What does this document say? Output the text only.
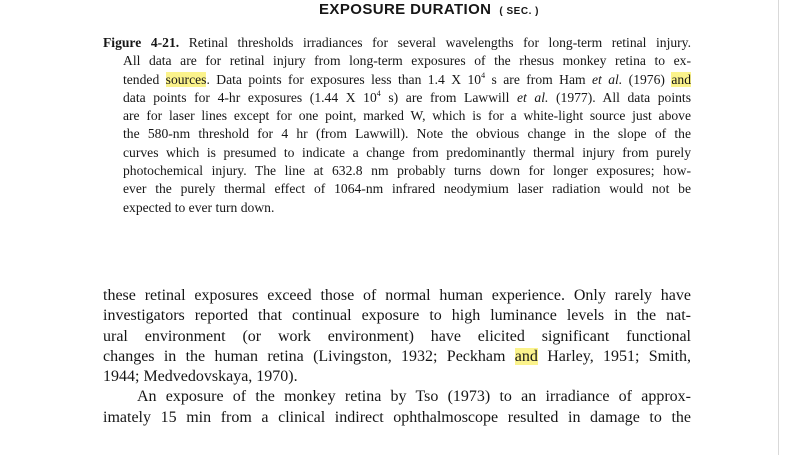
EXPOSURE DURATION ( SEC. )
Figure 4-21. Retinal thresholds irradiances for several wavelengths for long-term retinal injury.
All data are for retinal injury from long-term exposures of the rhesus monkey retina to ex-
tended sources. Data points for exposures less than 1.4 X $10^4$ s are from Ham et al. (1976) and
data points for 4-hr exposures (1.44 X $10^4$ s) are from Lawwill et al. (1977). All data points
are for laser lines except for one point, marked W, which is for a white-light source just above
the 580-nm threshold for 4 hr (from Lawwill). Note the obvious change in the slope of the
curves which is presumed to indicate a change from predominantly thermal injury from purely
photochemical injury. The line at 632.8 nm probably turns down for longer exposures; how-
ever the purely thermal effect of 1064-nm infrared neodymium laser radiation would not be
expected to ever turn down.
these retinal exposures exceed those of normal human experience. Only rarely have
investigators reported that continual exposure to high luminance levels in the nat-
ural environment (or work environment) have elicited significant functional
changes in the human retina (Livingston, 1932; Peckham and Harley, 1951; Smith,
1944; Medvedovskaya, 1970).
An exposure of the monkey retina by Tso (1973) to an irradiance of approx-
imately 15 min from a clinical indirect ophthalmoscope resulted in damage to the
